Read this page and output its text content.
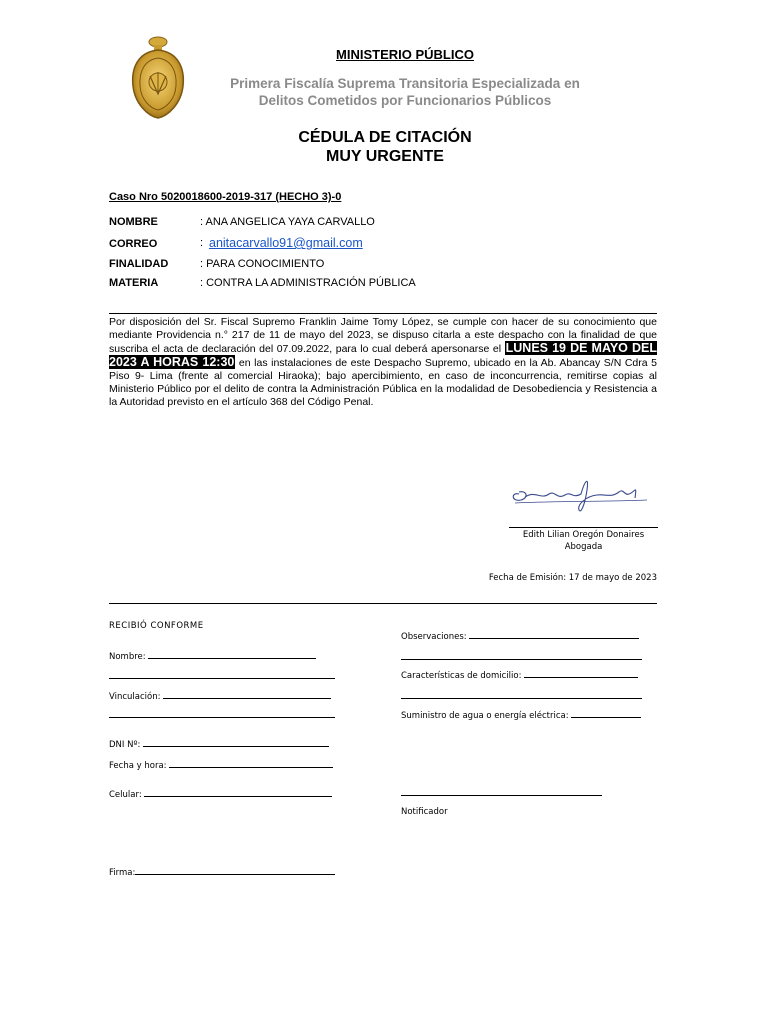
MINISTERIO PÚBLICO
Primera Fiscalía Suprema Transitoria Especializada en
Delitos Cometidos por Funcionarios Públicos
CÉDULA DE CITACIÓN
MUY URGENTE
Caso Nro 5020018600-2019-317 (HECHO 3)-0
NOMBRE	: ANA ANGELICA YAYA CARVALLO
CORREO	: anitacarvallo91@gmail.com
FINALIDAD	: PARA CONOCIMIENTO
MATERIA	: CONTRA LA ADMINISTRACIÓN PÚBLICA
Por disposición del Sr. Fiscal Supremo Franklin Jaime Tomy López, se cumple con hacer de su conocimiento que mediante Providencia n.° 217 de 11 de mayo del 2023, se dispuso citarla a este despacho con la finalidad de que suscriba el acta de declaración del 07.09.2022, para lo cual deberá apersonarse el LUNES 19 DE MAYO DEL 2023 A HORAS 12:30 en las instalaciones de este Despacho Supremo, ubicado en la Ab. Abancay S/N Cdra 5 Piso 9- Lima (frente al comercial Hiraoka); bajo apercibimiento, en caso de inconcurrencia, remitirse copias al Ministerio Público por el delito de contra la Administración Pública en la modalidad de Desobediencia y Resistencia a la Autoridad previsto en el artículo 368 del Código Penal.
Edith Lilian Oregón Donaires
Abogada
Fecha de Emisión: 17 de mayo de 2023
RECIBIÓ CONFORME
Nombre:
Vinculación:
DNI Nº:
Fecha y hora:
Celular:
Firma:
Observaciones:
Características de domicilio:
Suministro de agua o energía eléctrica:
Notificador
